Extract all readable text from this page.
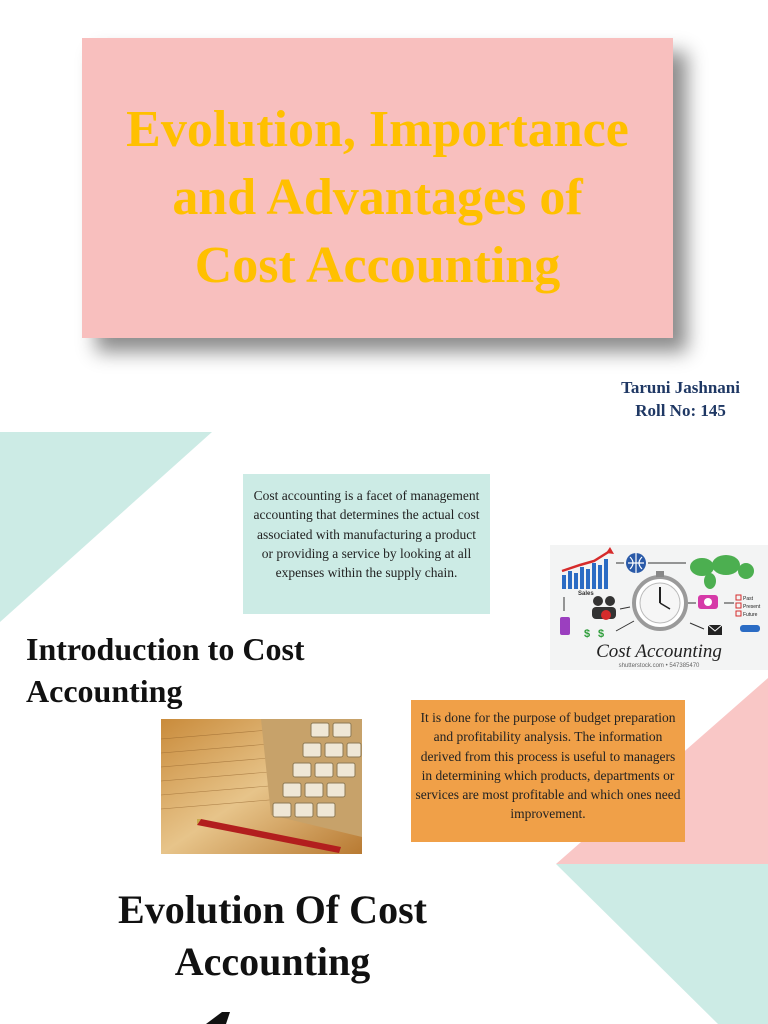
Evolution, Importance
and Advantages of
Cost Accounting
Taruni Jashnani
Roll No: 145
Cost accounting is a facet of management accounting that determines the actual cost associated with manufacturing a product or providing a service by looking at all expenses within the supply chain.
Introduction to Cost Accounting
Sales
$ $
Past
Present
Future
Cost Accounting
shutterstock.com • 547385470
It is done for the purpose of budget preparation and profitability analysis. The information derived from this process is useful to managers in determining which products, departments or services are most profitable and which ones need improvement.
Evolution Of Cost
Accounting
